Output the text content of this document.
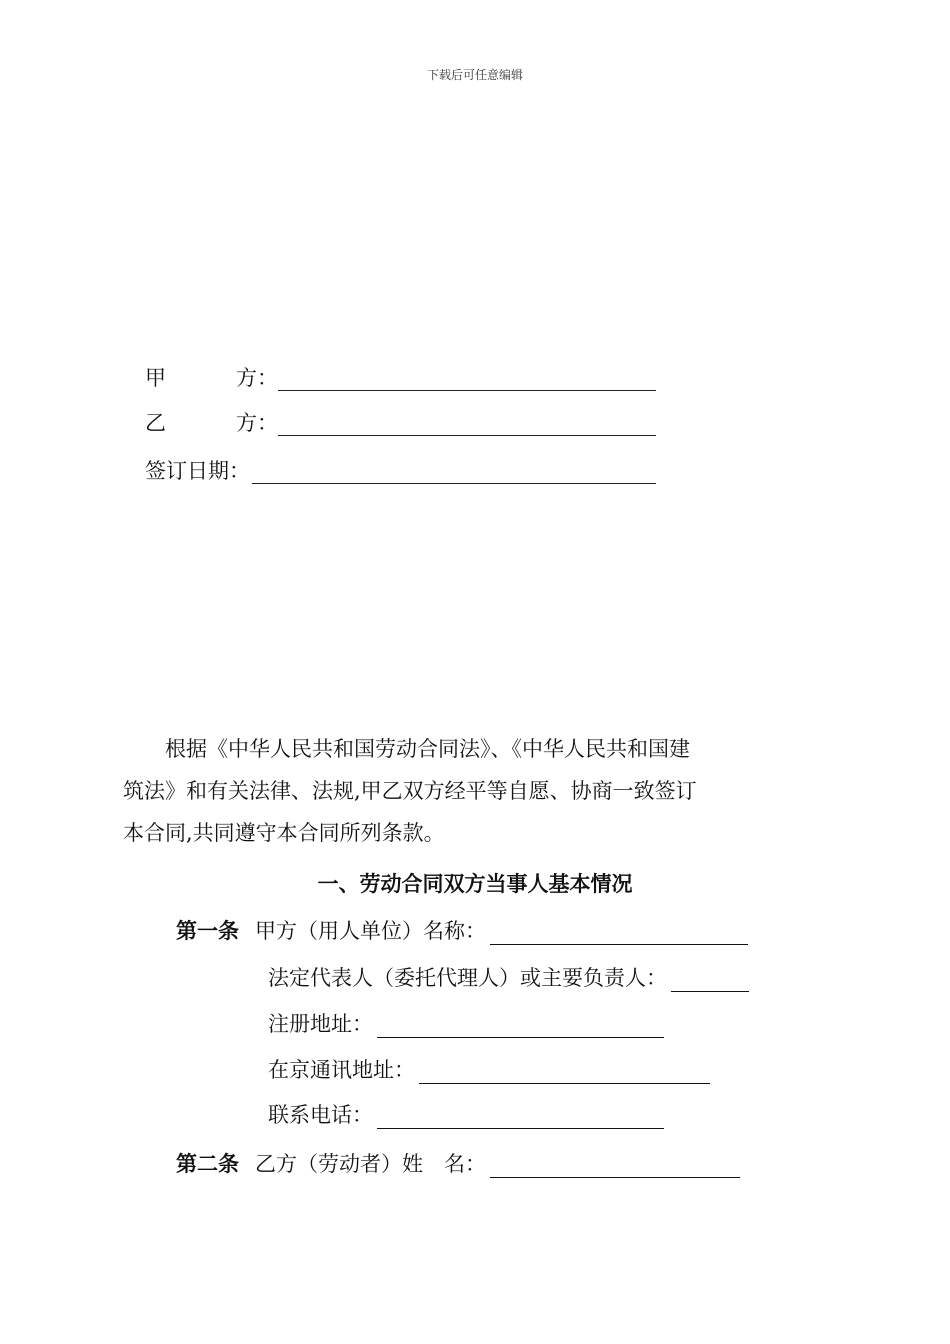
下载后可任意编辑
甲	方 ：
乙	方 ：
签订日期：

根据《中华人民共和国劳动合同法》、《中华人民共和国建

筑法》和有关法律、法规,甲乙双方经平等自愿、协商一致签订

本合同,共同遵守本合同所列条款。

一、劳动合同双方当事人基本情况
第一条 甲方（用人单位）名称：
法定代表人（委托代理人）或主要负责人：
注册地址：
在京通讯地址：
联系电话：
第二条 乙方（劳动者）姓　名：
